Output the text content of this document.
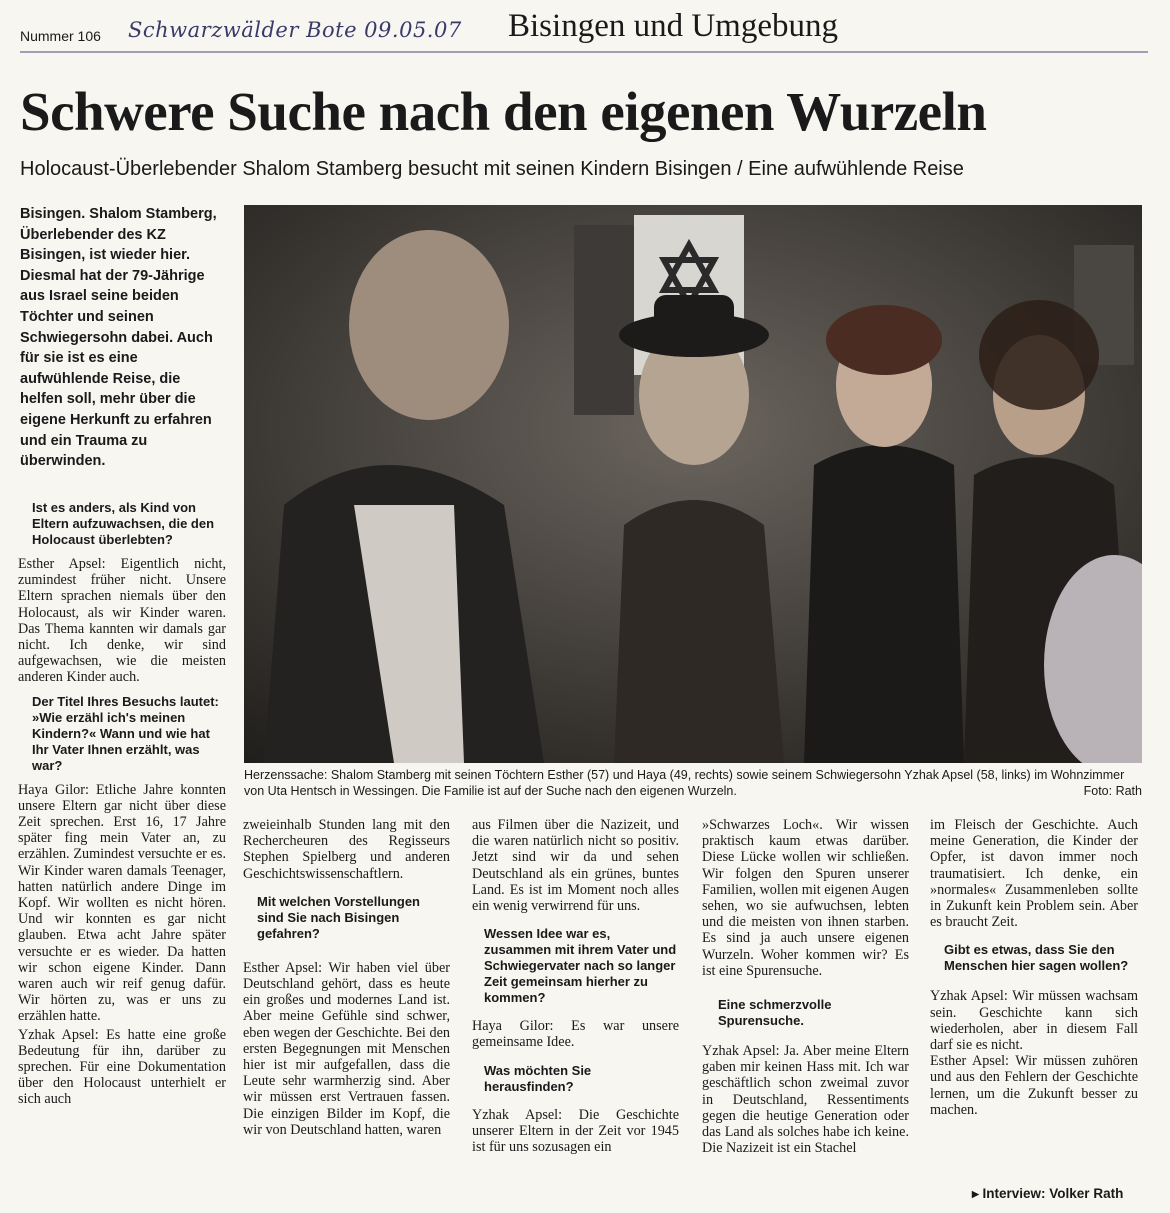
Nummer 106 Schwarzwälder Bote 09.05.07 Bisingen und Umgebung
Schwere Suche nach den eigenen Wurzeln
Holocaust-Überlebender Shalom Stamberg besucht mit seinen Kindern Bisingen / Eine aufwühlende Reise
Bisingen. Shalom Stamberg, Überlebender des KZ Bisingen, ist wieder hier. Diesmal hat der 79-Jährige aus Israel seine beiden Töchter und seinen Schwiegersohn dabei. Auch für sie ist es eine aufwühlende Reise, die helfen soll, mehr über die eigene Herkunft zu erfahren und ein Trauma zu überwinden.

Ist es anders, als Kind von Eltern aufzuwachsen, die den Holocaust überlebten?

Esther Apsel: Eigentlich nicht, zumindest früher nicht. Unsere Eltern sprachen niemals über den Holocaust, als wir Kinder waren. Das Thema kannten wir damals gar nicht. Ich denke, wir sind aufgewachsen, wie die meisten anderen Kinder auch.

Der Titel Ihres Besuchs lautet: »Wie erzähl ich's meinen Kindern?« Wann und wie hat Ihr Vater Ihnen erzählt, was war?

Haya Gilor: Etliche Jahre konnten unsere Eltern gar nicht über diese Zeit sprechen. Erst 16, 17 Jahre später fing mein Vater an, zu erzählen. Zumindest versuchte er es. Wir Kinder waren damals Teenager, hatten natürlich andere Dinge im Kopf. Wir wollten es nicht hören. Und wir konnten es gar nicht glauben. Etwa acht Jahre später versuchte er es wieder. Da hatten wir schon eigene Kinder. Dann waren auch wir reif genug dafür. Wir hörten zu, was er uns zu erzählen hatte.

Yzhak Apsel: Es hatte eine große Bedeutung für ihn, darüber zu sprechen. Für eine Dokumentation über den Holocaust unterhielt er sich auch

Herzenssache: Shalom Stamberg mit seinen Töchtern Esther (57) und Haya (49, rechts) sowie seinem Schwiegersohn Yzhak Apsel (58, links) im Wohnzimmer von Uta Hentsch in Wessingen. Die Familie ist auf der Suche nach den eigenen Wurzeln.	Foto: Rath

zweieinhalb Stunden lang mit den Rechercheuren des Regisseurs Stephen Spielberg und anderen Geschichtswissenschaftlern.

Mit welchen Vorstellungen sind Sie nach Bisingen gefahren?

Esther Apsel: Wir haben viel über Deutschland gehört, dass es heute ein großes und modernes Land ist. Aber meine Gefühle sind schwer, eben wegen der Geschichte. Bei den ersten Begegnungen mit Menschen hier ist mir aufgefallen, dass die Leute sehr warmherzig sind. Aber wir müssen erst Vertrauen fassen. Die einzigen Bilder im Kopf, die wir von Deutschland hatten, waren

aus Filmen über die Nazizeit, und die waren natürlich nicht so positiv. Jetzt sind wir da und sehen Deutschland als ein grünes, buntes Land. Es ist im Moment noch alles ein wenig verwirrend für uns.

Wessen Idee war es, zusammen mit ihrem Vater und Schwiegervater nach so langer Zeit gemeinsam hierher zu kommen?

Haya Gilor: Es war unsere gemeinsame Idee.

Was möchten Sie herausfinden?

Yzhak Apsel: Die Geschichte unserer Eltern in der Zeit vor 1945 ist für uns sozusagen ein

»Schwarzes Loch«. Wir wissen praktisch kaum etwas darüber. Diese Lücke wollen wir schließen. Wir folgen den Spuren unserer Familien, wollen mit eigenen Augen sehen, wo sie aufwuchsen, lebten und die meisten von ihnen starben. Es sind ja auch unsere eigenen Wurzeln. Woher kommen wir? Es ist eine Spurensuche.

Eine schmerzvolle Spurensuche.

Yzhak Apsel: Ja. Aber meine Eltern gaben mir keinen Hass mit. Ich war geschäftlich schon zweimal zuvor in Deutschland, Ressentiments gegen die heutige Generation oder das Land als solches habe ich keine. Die Nazizeit ist ein Stachel

im Fleisch der Geschichte. Auch meine Generation, die Kinder der Opfer, ist davon immer noch traumatisiert. Ich denke, ein »normales« Zusammenleben sollte in Zukunft kein Problem sein. Aber es braucht Zeit.

Gibt es etwas, dass Sie den Menschen hier sagen wollen?

Yzhak Apsel: Wir müssen wachsam sein. Geschichte kann sich wiederholen, aber in diesem Fall darf sie es nicht.

Esther Apsel: Wir müssen zuhören und aus den Fehlern der Geschichte lernen, um die Zukunft besser zu machen.

▸ Interview: Volker Rath
